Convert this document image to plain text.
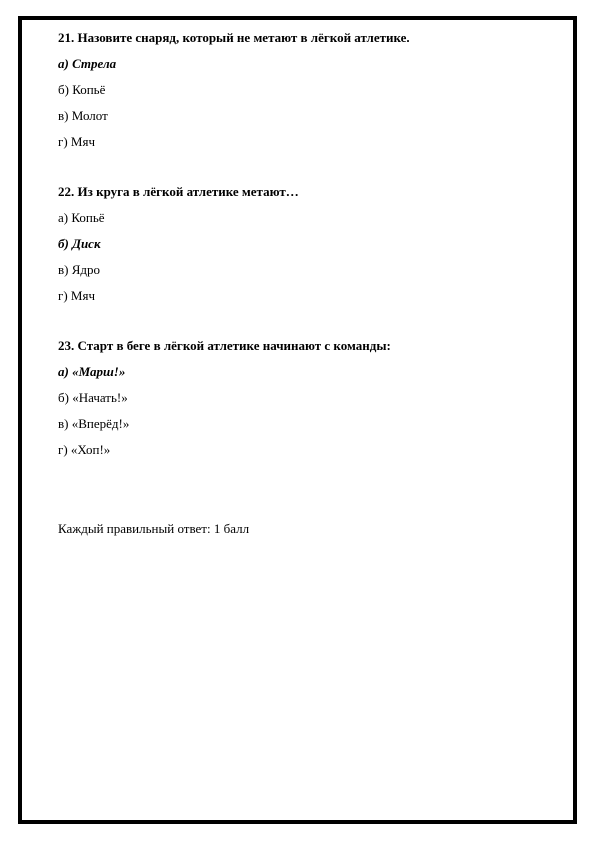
21. Назовите снаряд, который не метают в лёгкой атлетике.
а) Стрела
б) Копьё
в) Молот
г) Мяч
22. Из круга в лёгкой атлетике метают…
а) Копьё
б) Диск
в) Ядро
г) Мяч
23. Старт в беге в лёгкой атлетике начинают с команды:
а) «Марш!»
б) «Начать!»
в) «Вперёд!»
г) «Хоп!»
Каждый правильный ответ: 1 балл
